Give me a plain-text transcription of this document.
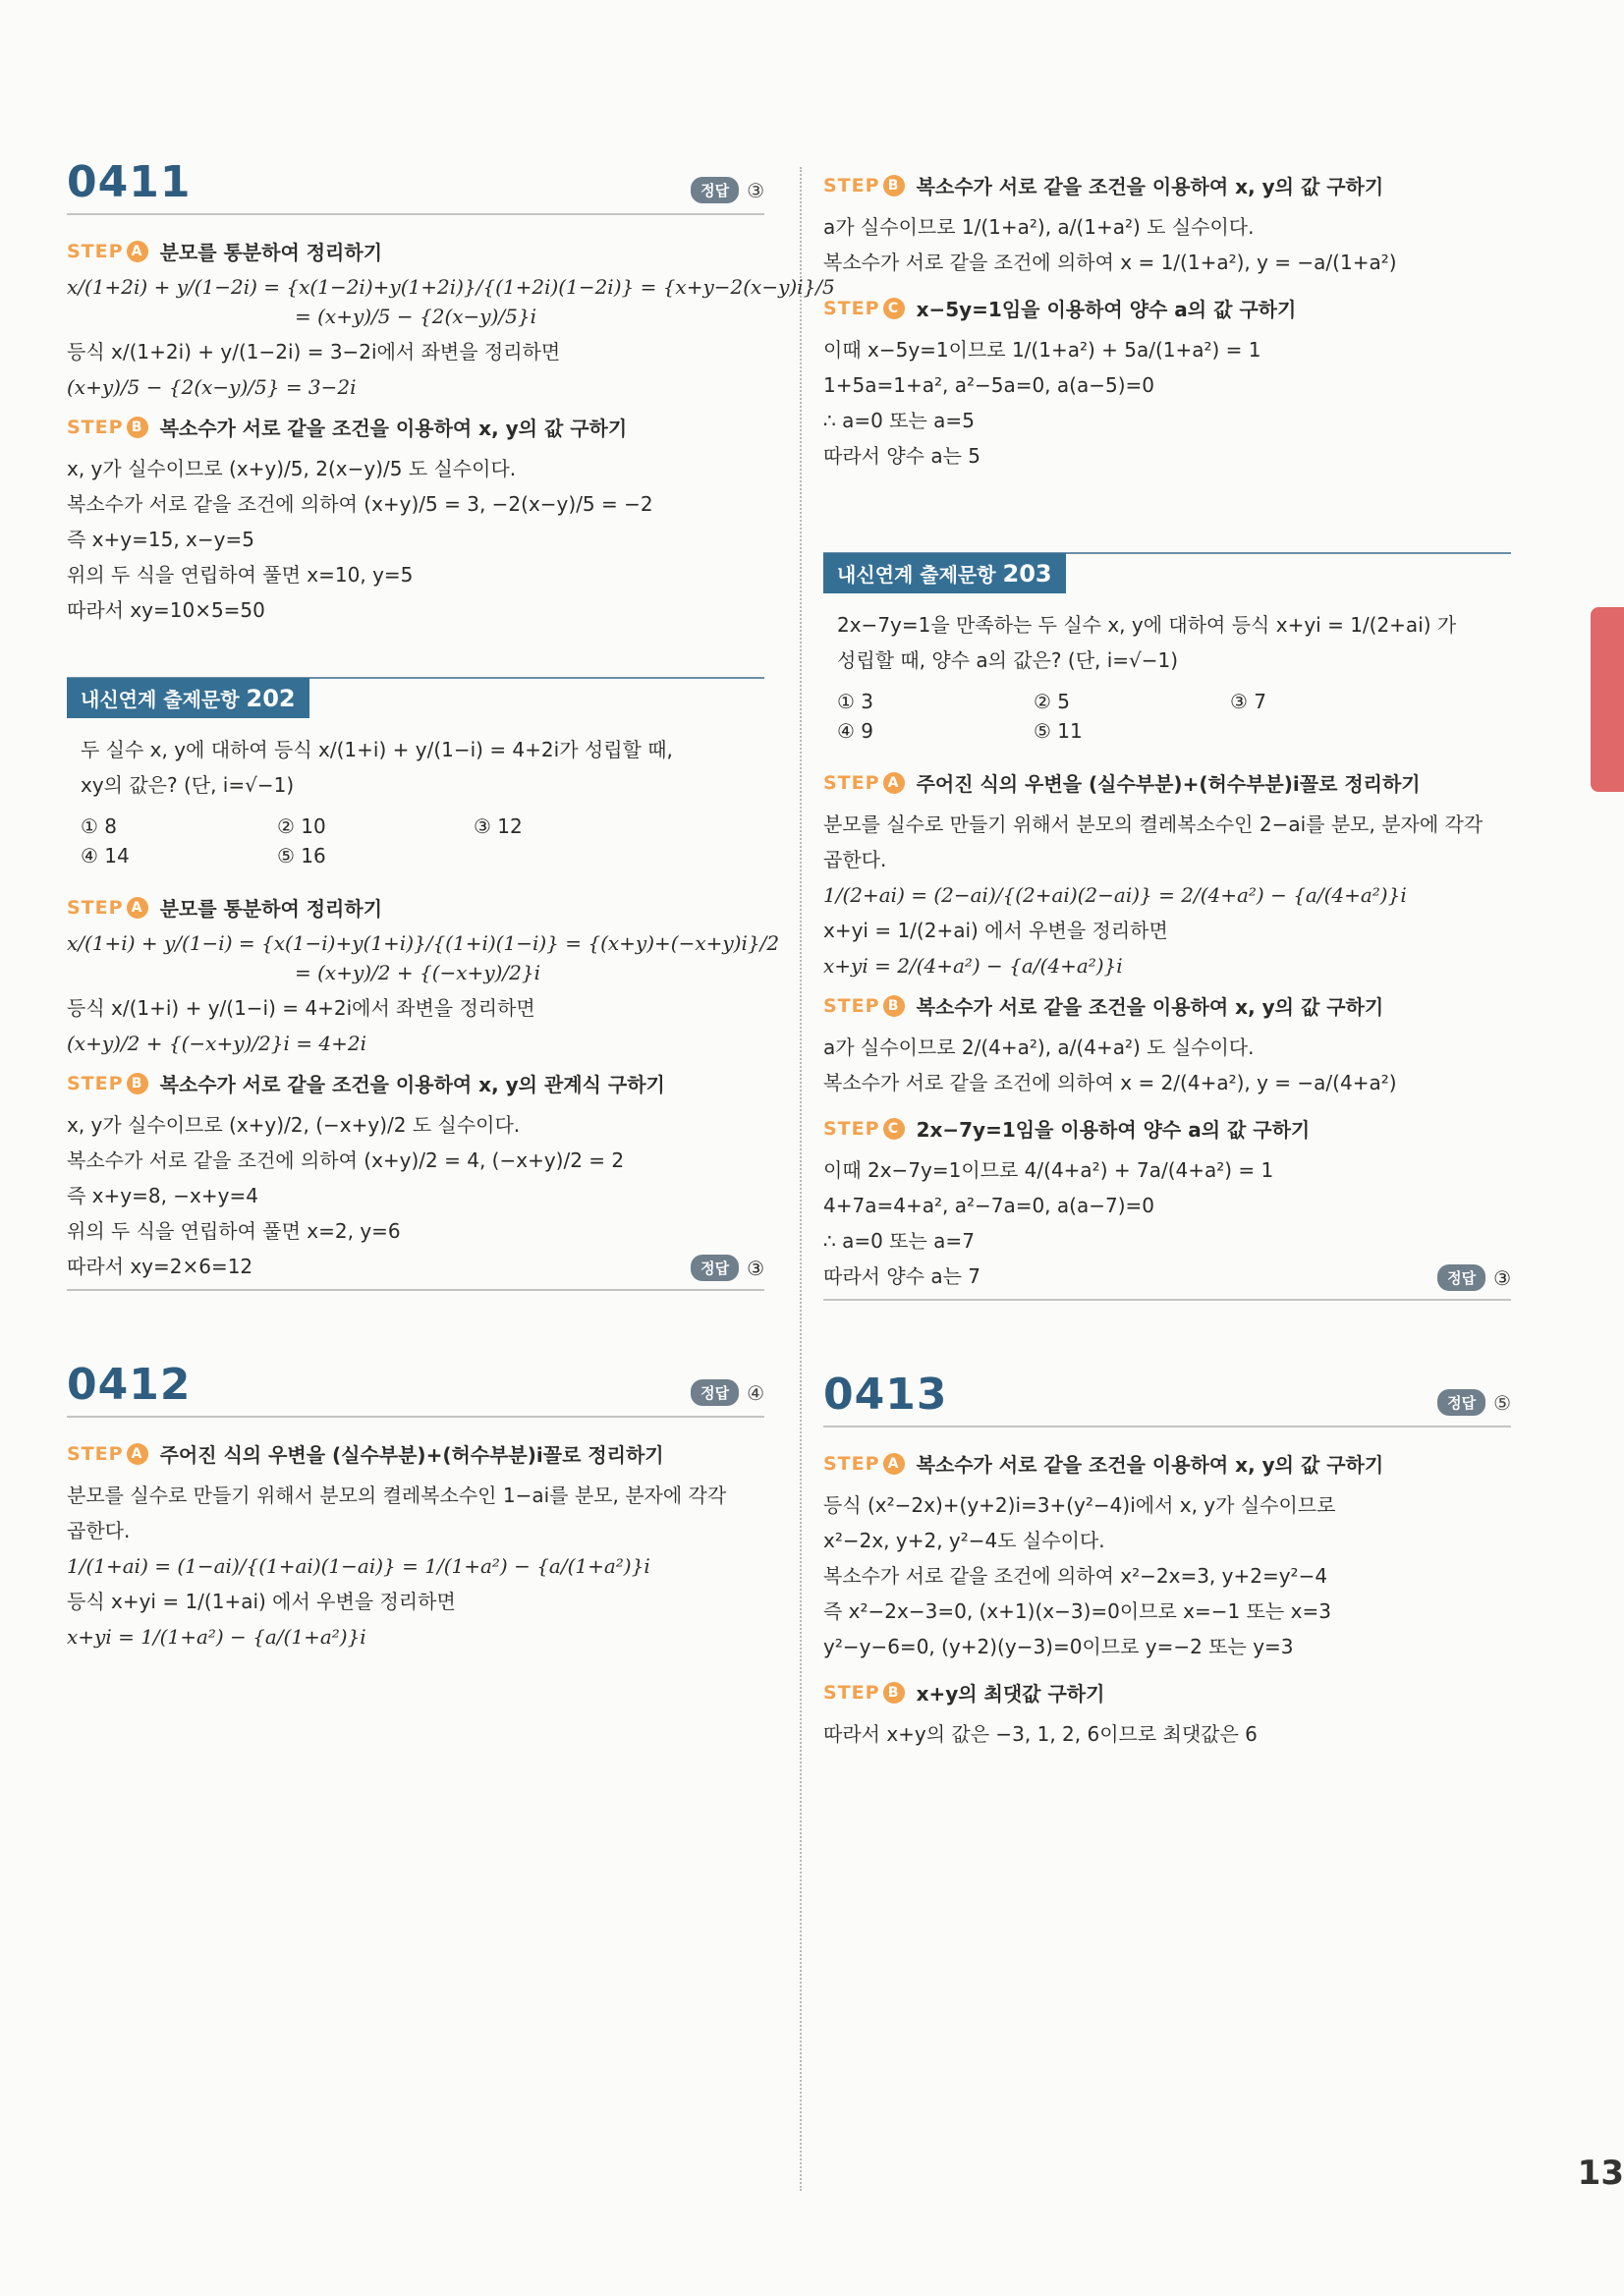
13
0411	정답 ③
STEP A 분모를 통분하여 정리하기

x/(1+2i) + y/(1−2i) = {x(1−2i)+y(1+2i)}/{(1+2i)(1−2i)} = {x+y−2(x−y)i}/5

= (x+y)/5 − {2(x−y)/5}i

등식 x/(1+2i) + y/(1−2i) = 3−2i에서 좌변을 정리하면

(x+y)/5 − {2(x−y)/5} = 3−2i

STEP B 복소수가 서로 같을 조건을 이용하여 x, y의 값 구하기

x, y가 실수이므로 (x+y)/5, 2(x−y)/5 도 실수이다.

복소수가 서로 같을 조건에 의하여 (x+y)/5 = 3, −2(x−y)/5 = −2

즉 x+y=15, x−y=5

위의 두 식을 연립하여 풀면 x=10, y=5

따라서 xy=10×5=50

내신연계 출제문항 202

두 실수 x, y에 대하여 등식 x/(1+i) + y/(1−i) = 4+2i가 성립할 때,

xy의 값은? (단, i=√−1)

① 8	② 10	③ 12
④ 14	⑤ 16
STEP A 분모를 통분하여 정리하기

x/(1+i) + y/(1−i) = {x(1−i)+y(1+i)}/{(1+i)(1−i)} = {(x+y)+(−x+y)i}/2

= (x+y)/2 + {(−x+y)/2}i

등식 x/(1+i) + y/(1−i) = 4+2i에서 좌변을 정리하면

(x+y)/2 + {(−x+y)/2}i = 4+2i

STEP B 복소수가 서로 같을 조건을 이용하여 x, y의 관계식 구하기

x, y가 실수이므로 (x+y)/2, (−x+y)/2 도 실수이다.

복소수가 서로 같을 조건에 의하여 (x+y)/2 = 4, (−x+y)/2 = 2

즉 x+y=8, −x+y=4

위의 두 식을 연립하여 풀면 x=2, y=6

따라서 xy=2×6=12	정답 ③
0412	정답 ④
STEP A 주어진 식의 우변을 (실수부분)+(허수부분)i꼴로 정리하기

분모를 실수로 만들기 위해서 분모의 켤레복소수인 1−ai를 분모, 분자에 각각

곱한다.

1/(1+ai) = (1−ai)/{(1+ai)(1−ai)} = 1/(1+a²) − {a/(1+a²)}i

등식 x+yi = 1/(1+ai) 에서 우변을 정리하면

x+yi = 1/(1+a²) − {a/(1+a²)}i

STEP B 복소수가 서로 같을 조건을 이용하여 x, y의 값 구하기

a가 실수이므로 1/(1+a²), a/(1+a²) 도 실수이다.

복소수가 서로 같을 조건에 의하여 x = 1/(1+a²), y = −a/(1+a²)

STEP C x−5y=1임을 이용하여 양수 a의 값 구하기

이때 x−5y=1이므로 1/(1+a²) + 5a/(1+a²) = 1

1+5a=1+a², a²−5a=0, a(a−5)=0

∴ a=0 또는 a=5

따라서 양수 a는 5

내신연계 출제문항 203

2x−7y=1을 만족하는 두 실수 x, y에 대하여 등식 x+yi = 1/(2+ai) 가

성립할 때, 양수 a의 값은? (단, i=√−1)

① 3	② 5	③ 7
④ 9	⑤ 11
STEP A 주어진 식의 우변을 (실수부분)+(허수부분)i꼴로 정리하기

분모를 실수로 만들기 위해서 분모의 켤레복소수인 2−ai를 분모, 분자에 각각

곱한다.

1/(2+ai) = (2−ai)/{(2+ai)(2−ai)} = 2/(4+a²) − {a/(4+a²)}i

x+yi = 1/(2+ai) 에서 우변을 정리하면

x+yi = 2/(4+a²) − {a/(4+a²)}i

STEP B 복소수가 서로 같을 조건을 이용하여 x, y의 값 구하기

a가 실수이므로 2/(4+a²), a/(4+a²) 도 실수이다.

복소수가 서로 같을 조건에 의하여 x = 2/(4+a²), y = −a/(4+a²)

STEP C 2x−7y=1임을 이용하여 양수 a의 값 구하기

이때 2x−7y=1이므로 4/(4+a²) + 7a/(4+a²) = 1

4+7a=4+a², a²−7a=0, a(a−7)=0

∴ a=0 또는 a=7

따라서 양수 a는 7	정답 ③
0413	정답 ⑤
STEP A 복소수가 서로 같을 조건을 이용하여 x, y의 값 구하기

등식 (x²−2x)+(y+2)i=3+(y²−4)i에서 x, y가 실수이므로

x²−2x, y+2, y²−4도 실수이다.

복소수가 서로 같을 조건에 의하여 x²−2x=3, y+2=y²−4

즉 x²−2x−3=0, (x+1)(x−3)=0이므로 x=−1 또는 x=3

y²−y−6=0, (y+2)(y−3)=0이므로 y=−2 또는 y=3

STEP B x+y의 최댓값 구하기

따라서 x+y의 값은 −3, 1, 2, 6이므로 최댓값은 6
